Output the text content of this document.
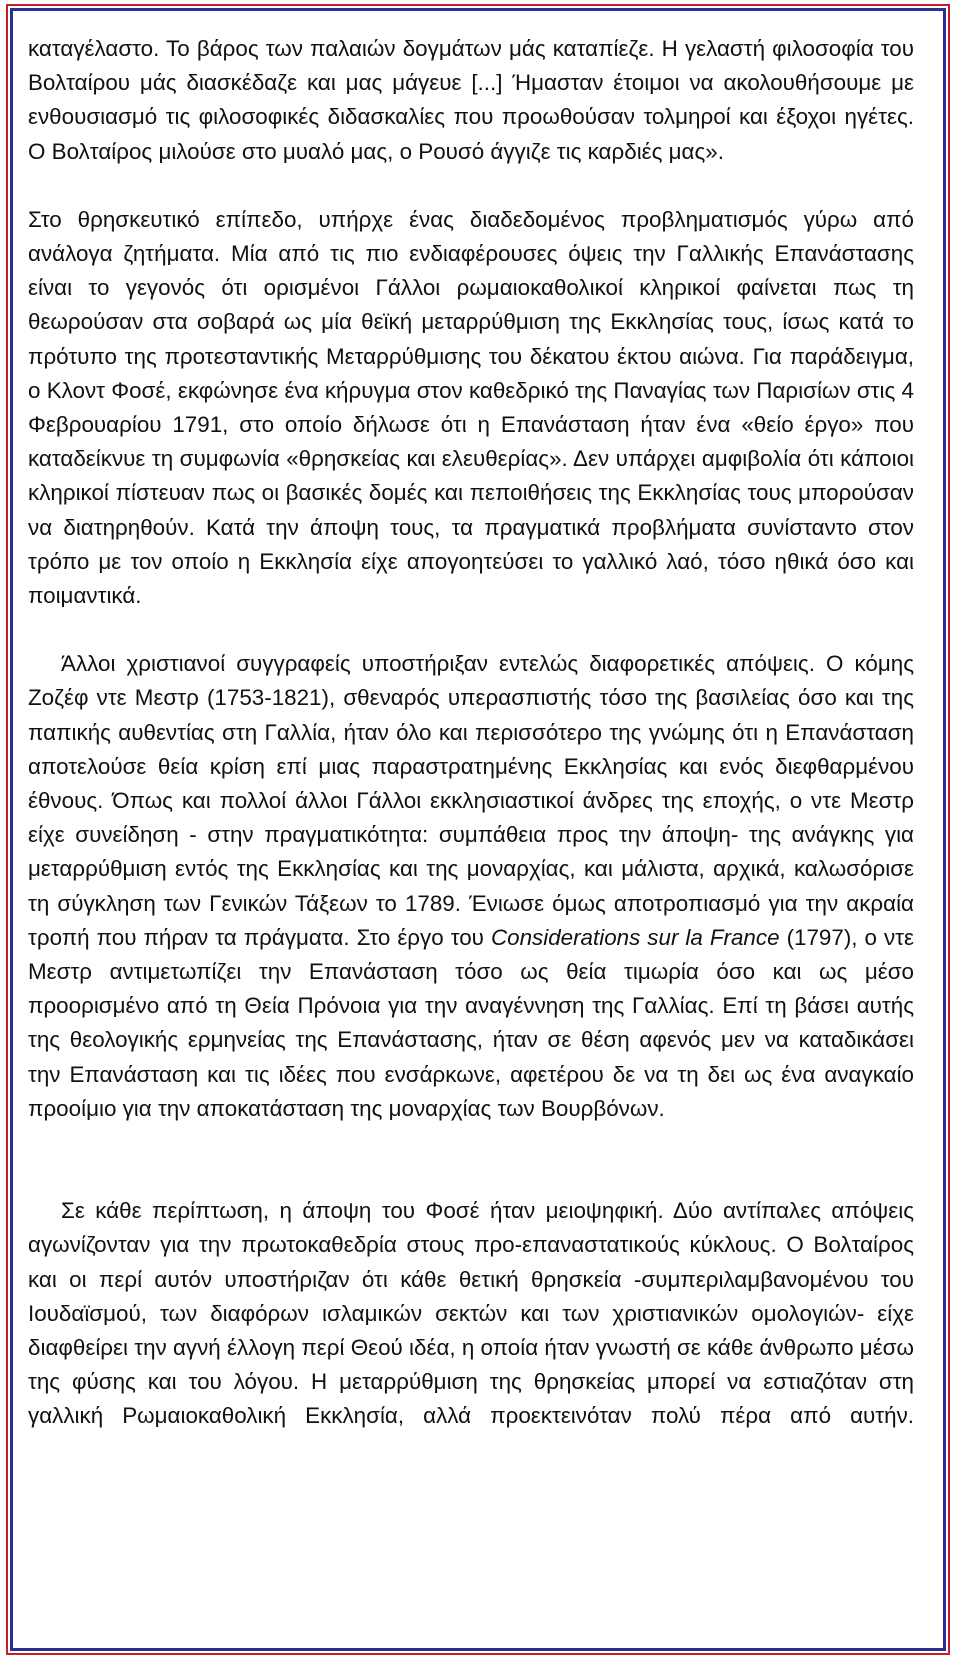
καταγέλαστο. Το βάρος των παλαιών δογμάτων μάς καταπίεζε. Η γελαστή φιλοσοφία του Βολταίρου μάς διασκέδαζε και μας μάγευε [...] Ήμασταν έτοιμοι να ακολουθήσουμε με ενθουσιασμό τις φιλοσοφικές διδασκαλίες που προωθούσαν τολμηροί και έξοχοι ηγέτες. Ο Βολταίρος μιλούσε στο μυαλό μας, ο Ρουσό άγγιζε τις καρδιές μας».

Στο θρησκευτικό επίπεδο, υπήρχε ένας διαδεδομένος προβληματισμός γύρω από ανάλογα ζητήματα. Μία από τις πιο ενδιαφέρουσες όψεις την Γαλλικής Επανάστασης είναι το γεγονός ότι ορισμένοι Γάλλοι ρωμαιοκαθολικοί κληρικοί φαίνεται πως τη θεωρούσαν στα σοβαρά ως μία θεϊκή μεταρρύθμιση της Εκκλησίας τους, ίσως κατά το πρότυπο της προτεσταντικής Μεταρρύθμισης του δέκατου έκτου αιώνα. Για παράδειγμα, ο Κλοντ Φοσέ, εκφώνησε ένα κήρυγμα στον καθεδρικό της Παναγίας των Παρισίων στις 4 Φεβρουαρίου 1791, στο οποίο δήλωσε ότι η Επανάσταση ήταν ένα «θείο έργο» που καταδείκνυε τη συμφωνία «θρησκείας και ελευθερίας». Δεν υπάρχει αμφιβολία ότι κάποιοι κληρικοί πίστευαν πως οι βασικές δομές και πεποιθήσεις της Εκκλησίας τους μπορούσαν να διατηρηθούν. Κατά την άποψη τους, τα πραγματικά προβλήματα συνίσταντο στον τρόπο με τον οποίο η Εκκλησία είχε απογοητεύσει το γαλλικό λαό, τόσο ηθικά όσο και ποιμαντικά.

Άλλοι χριστιανοί συγγραφείς υποστήριξαν εντελώς διαφορετικές απόψεις. Ο κόμης Ζοζέφ ντε Μεστρ (1753-1821), σθεναρός υπερασπιστής τόσο της βασιλείας όσο και της παπικής αυθεντίας στη Γαλλία, ήταν όλο και περισσότερο της γνώμης ότι η Επανάσταση αποτελούσε θεία κρίση επί μιας παραστρατημένης Εκκλησίας και ενός διεφθαρμένου έθνους. Όπως και πολλοί άλλοι Γάλλοι εκκλησιαστικοί άνδρες της εποχής, ο ντε Μεστρ είχε συνείδηση - στην πραγματικότητα: συμπάθεια προς την άποψη- της ανάγκης για μεταρρύθμιση εντός της Εκκλησίας και της μοναρχίας, και μάλιστα, αρχικά, καλωσόρισε τη σύγκληση των Γενικών Τάξεων το 1789. Ένιωσε όμως αποτροπιασμό για την ακραία τροπή που πήραν τα πράγματα. Στο έργο του Considerations sur la France (1797), ο ντε Μεστρ αντιμετωπίζει την Επανάσταση τόσο ως θεία τιμωρία όσο και ως μέσο προορισμένο από τη Θεία Πρόνοια για την αναγέννηση της Γαλλίας. Επί τη βάσει αυτής της θεολογικής ερμηνείας της Επανάστασης, ήταν σε θέση αφενός μεν να καταδικάσει την Επανάσταση και τις ιδέες που ενσάρκωνε, αφετέρου δε να τη δει ως ένα αναγκαίο προοίμιο για την αποκατάσταση της μοναρχίας των Βουρβόνων.

Σε κάθε περίπτωση, η άποψη του Φοσέ ήταν μειοψηφική. Δύο αντίπαλες απόψεις αγωνίζονταν για την πρωτοκαθεδρία στους προ-επαναστατικούς κύκλους. Ο Βολταίρος και οι περί αυτόν υποστήριζαν ότι κάθε θετική θρησκεία -συμπεριλαμβανομένου του Ιουδαϊσμού, των διαφόρων ισλαμικών σεκτών και των χριστιανικών ομολογιών- είχε διαφθείρει την αγνή έλλογη περί Θεού ιδέα, η οποία ήταν γνωστή σε κάθε άνθρωπο μέσω της φύσης και του λόγου. Η μεταρρύθμιση της θρησκείας μπορεί να εστιαζόταν στη γαλλική Ρωμαιοκαθολική Εκκλησία, αλλά προεκτεινόταν πολύ πέρα από αυτήν.
